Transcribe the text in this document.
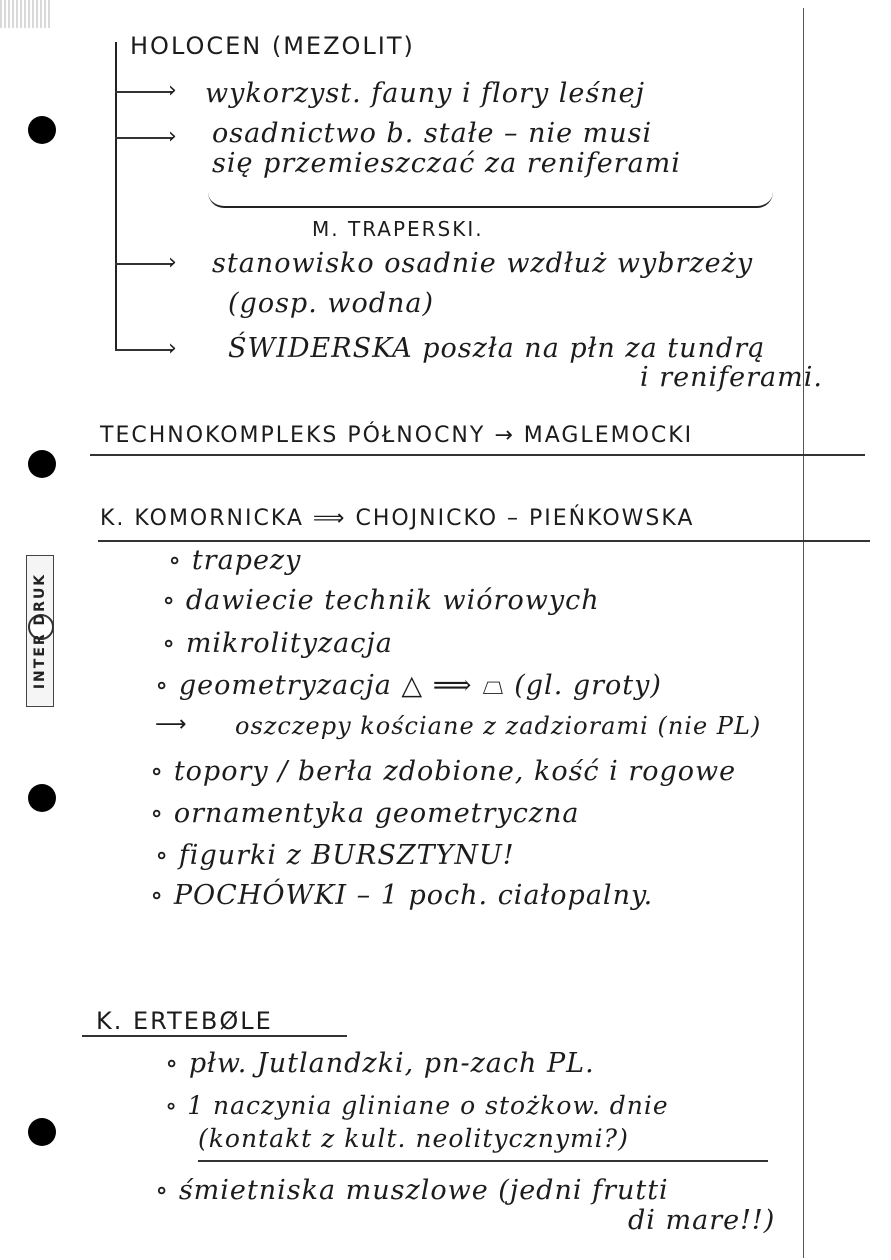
INTER DRUK
›
›
›
›
HOLOCEN (MEZOLIT)
wykorzyst. fauny i flory leśnej
osadnictwo b. stałe – nie musi
się przemieszczać za reniferami
M. TRAPERSKI.
stanowisko osadnie wzdłuż wybrzeży
(gosp. wodna)
ŚWIDERSKA poszła na płn za tundrą
i reniferami.
TECHNOKOMPLEKS PÓŁNOCNY → MAGLEMOCKI
K. KOMORNICKA ⟹ CHOJNICKO – PIEŃKOWSKA
∘ trapezy
∘ dawiecie technik wiórowych
∘ mikrolityzacja
∘ geometryzacja △ ⟹ ⏢ (gl. groty)
⟶ oszczepy kościane z zadziorami (nie PL)
∘ topory / berła zdobione, kość i rogowe
∘ ornamentyka geometryczna
∘ figurki z BURSZTYNU!
∘ POCHÓWKI – 1 poch. ciałopalny.
K. ERTEBØLE
∘ płw. Jutlandzki, pn-zach PL.
∘ 1 naczynia gliniane o stożkow. dnie
(kontakt z kult. neolitycznymi?)
∘ śmietniska muszlowe (jedni frutti
di mare!!)
